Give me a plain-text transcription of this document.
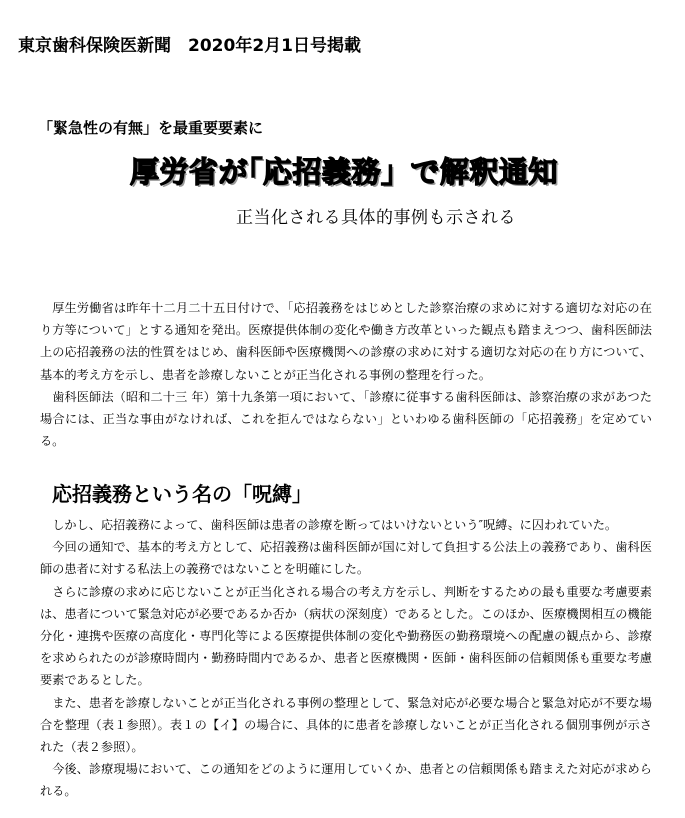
東京歯科保険医新聞　2020年2月1日号掲載
「緊急性の有無」を最重要要素に
厚労省が｢応招義務」で解釈通知
正当化される具体的事例も示される

厚生労働省は昨年十二月二十五日付けで、「応招義務をはじめとした診察治療の求めに対する適切な対応の在り方等について」とする通知を発出。医療提供体制の変化や働き方改革といった観点も踏まえつつ、歯科医師法上の応招義務の法的性質をはじめ、歯科医師や医療機関への診療の求めに対する適切な対応の在り方について、基本的考え方を示し、患者を診療しないことが正当化される事例の整理を行った。

歯科医師法（昭和二十三 年）第十九条第一項において、「診療に従事する歯科医師は、診察治療の求があつた場合には、正当な事由がなければ、これを拒んではならない」といわゆる歯科医師の「応招義務」を定めている。

応招義務という名の「呪縛」

しかし、応招義務によって、歯科医師は患者の診療を断ってはいけないという″呪縛〟に囚われていた。

今回の通知で、基本的考え方として、応招義務は歯科医師が国に対して負担する公法上の義務であり、歯科医師の患者に対する私法上の義務ではないことを明確にした。

さらに診療の求めに応じないことが正当化される場合の考え方を示し、判断をするための最も重要な考慮要素は、患者について緊急対応が必要であるか否か（病状の深刻度）であるとした。このほか、医療機関相互の機能分化・連携や医療の高度化・専門化等による医療提供体制の変化や勤務医の勤務環境への配慮の観点から、診療を求められたのが診療時間内・勤務時間内であるか、患者と医療機関・医師・歯科医師の信頼関係も重要な考慮要素であるとした。

また、患者を診療しないことが正当化される事例の整理として、緊急対応が必要な場合と緊急対応が不要な場合を整理（表１参照）。表１の【イ】の場合に、具体的に患者を診療しないことが正当化される個別事例が示された（表２参照）。

今後、診療現場において、この通知をどのように運用していくか、患者との信頼関係も踏まえた対応が求められる。
